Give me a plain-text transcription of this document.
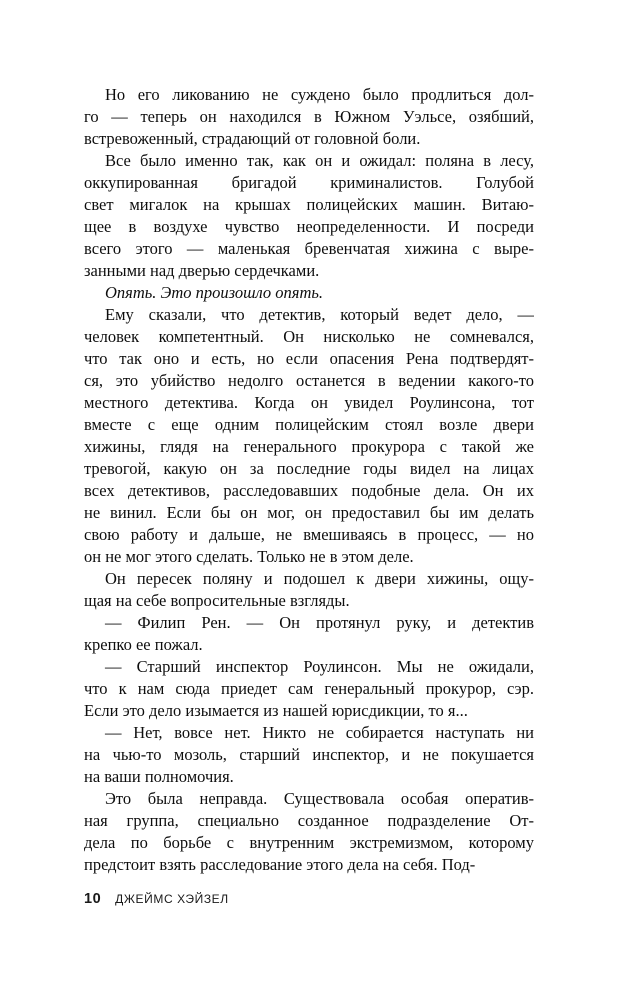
Но его ликованию не суждено было продлиться дол-
го — теперь он находился в Южном Уэльсе, озябший,
встревоженный, страдающий от головной боли.

Все было именно так, как он и ожидал: поляна в лесу,
оккупированная бригадой криминалистов. Голубой
свет мигалок на крышах полицейских машин. Витаю-
щее в воздухе чувство неопределенности. И посреди
всего этого — маленькая бревенчатая хижина с выре-
занными над дверью сердечками.

Опять. Это произошло опять.

Ему сказали, что детектив, который ведет дело, —
человек компетентный. Он нисколько не сомневался,
что так оно и есть, но если опасения Рена подтвердят-
ся, это убийство недолго останется в ведении какого-то
местного детектива. Когда он увидел Роулинсона, тот
вместе с еще одним полицейским стоял возле двери
хижины, глядя на генерального прокурора с такой же
тревогой, какую он за последние годы видел на лицах
всех детективов, расследовавших подобные дела. Он их
не винил. Если бы он мог, он предоставил бы им делать
свою работу и дальше, не вмешиваясь в процесс, — но
он не мог этого сделать. Только не в этом деле.

Он пересек поляну и подошел к двери хижины, ощу-
щая на себе вопросительные взгляды.

— Филип Рен. — Он протянул руку, и детектив
крепко ее пожал.

— Старший инспектор Роулинсон. Мы не ожидали,
что к нам сюда приедет сам генеральный прокурор, сэр.
Если это дело изымается из нашей юрисдикции, то я...

— Нет, вовсе нет. Никто не собирается наступать ни
на чью-то мозоль, старший инспектор, и не покушается
на ваши полномочия.

Это была неправда. Существовала особая оператив-
ная группа, специально созданное подразделение От-
дела по борьбе с внутренним экстремизмом, которому
предстоит взять расследование этого дела на себя. Под-

10 ДЖЕЙМС ХЭЙЗЕЛ
